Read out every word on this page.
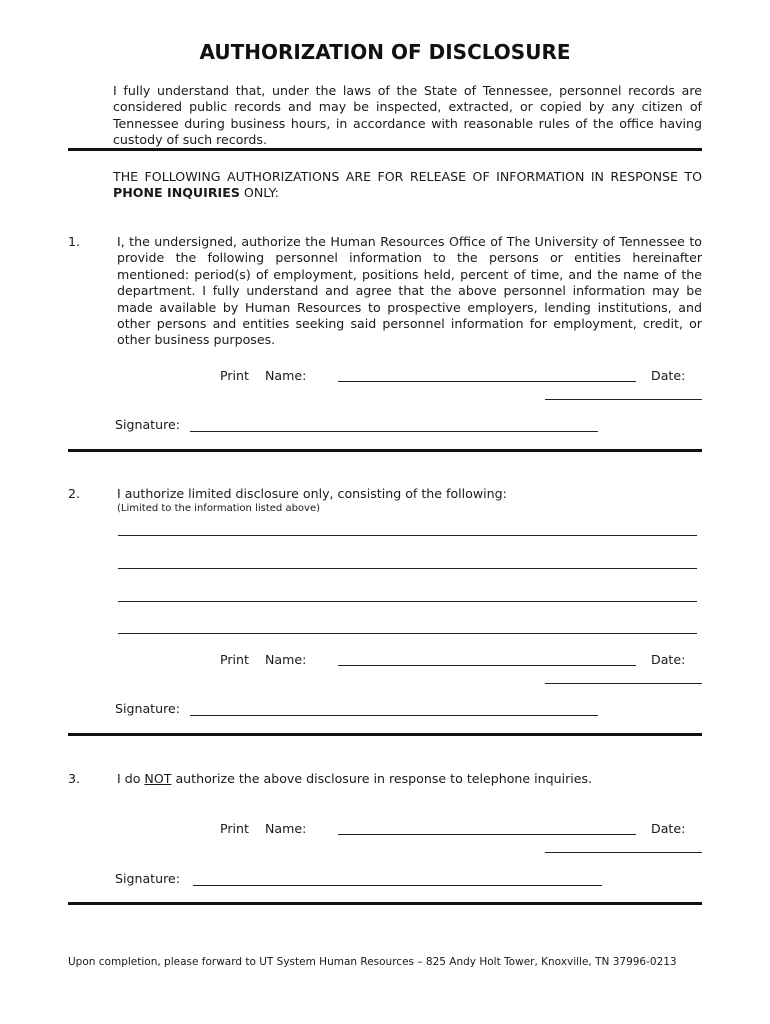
AUTHORIZATION OF DISCLOSURE
I fully understand that, under the laws of the State of Tennessee, personnel records are considered public records and may be inspected, extracted, or copied by any citizen of Tennessee during business hours, in accordance with reasonable rules of the office having custody of such records.
THE FOLLOWING AUTHORIZATIONS ARE FOR RELEASE OF INFORMATION IN RESPONSE TO PHONE INQUIRIES ONLY:
1.	I, the undersigned, authorize the Human Resources Office of The University of Tennessee to provide the following personnel information to the persons or entities hereinafter mentioned: period(s) of employment, positions held, percent of time, and the name of the department. I fully understand and agree that the above personnel information may be made available by Human Resources to prospective employers, lending institutions, and other persons and entities seeking said personnel information for employment, credit, or other business purposes.
Print Name:	Date:
Signature:
2.	I authorize limited disclosure only, consisting of the following:
(Limited to the information listed above)
Print Name:	Date:
Signature:
3.	I do NOT authorize the above disclosure in response to telephone inquiries.
Print Name:	Date:
Signature:
Upon completion, please forward to UT System Human Resources – 825 Andy Holt Tower, Knoxville, TN 37996-0213
